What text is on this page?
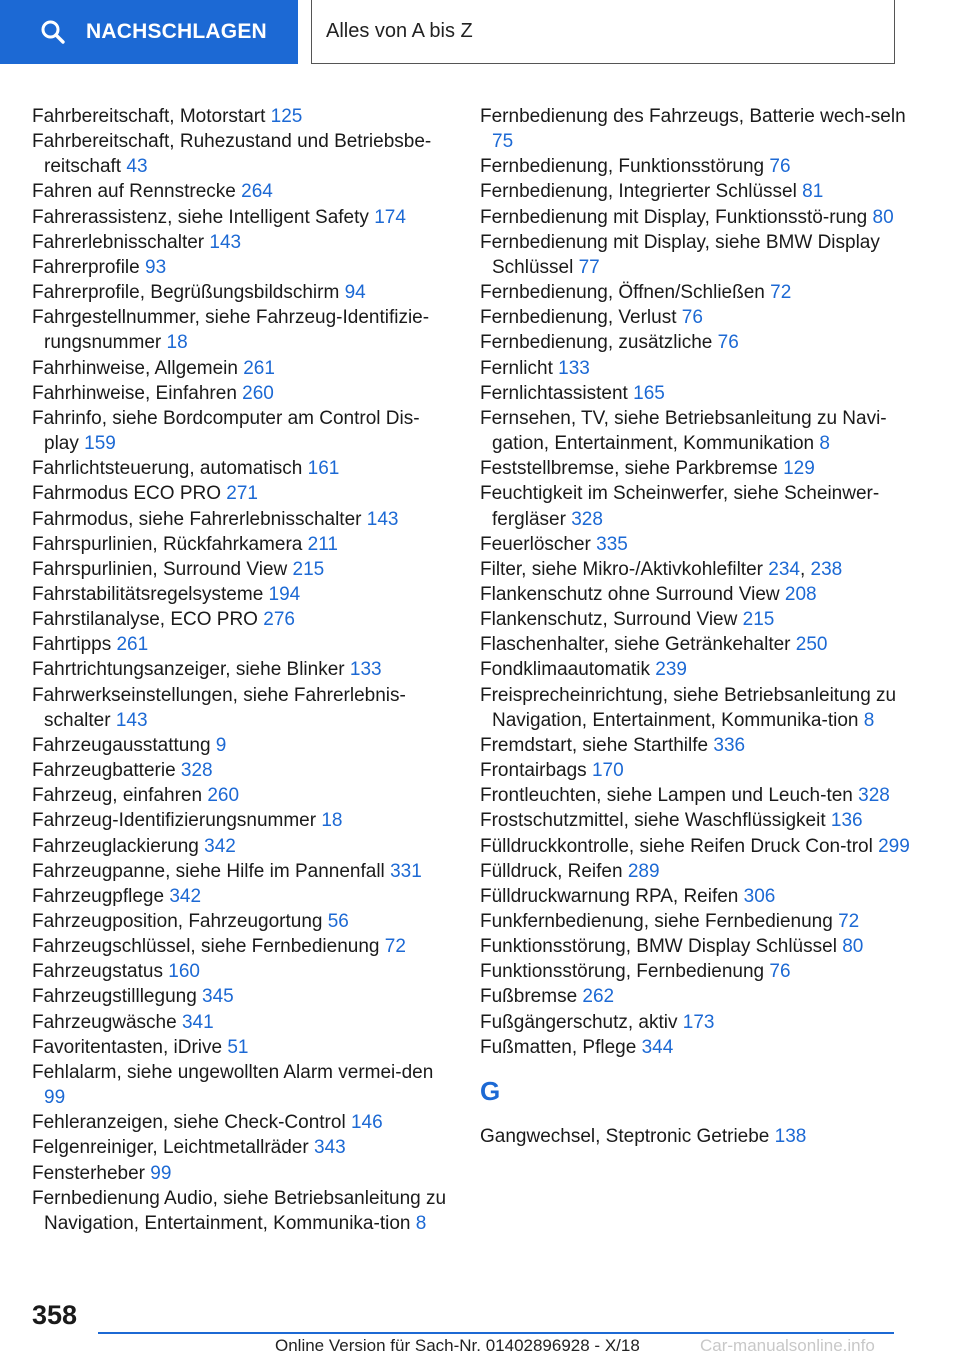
NACHSCHLAGEN	Alles von A bis Z
Fahrbereitschaft, Motorstart 125
Fahrbereitschaft, Ruhezustand und Betriebsbe-reitschaft 43
Fahren auf Rennstrecke 264
Fahrerassistenz, siehe Intelligent Safety 174
Fahrerlebnisschalter 143
Fahrerprofile 93
Fahrerprofile, Begrüßungsbildschirm 94
Fahrgestellnummer, siehe Fahrzeug-Identifizie-rungsnummer 18
Fahrhinweise, Allgemein 261
Fahrhinweise, Einfahren 260
Fahrinfo, siehe Bordcomputer am Control Dis-play 159
Fahrlichtsteuerung, automatisch 161
Fahrmodus ECO PRO 271
Fahrmodus, siehe Fahrerlebnisschalter 143
Fahrspurlinien, Rückfahrkamera 211
Fahrspurlinien, Surround View 215
Fahrstabilitätsregelsysteme 194
Fahrstilanalyse, ECO PRO 276
Fahrtipps 261
Fahrtrichtungsanzeiger, siehe Blinker 133
Fahrwerkseinstellungen, siehe Fahrerlebnis-schalter 143
Fahrzeugausstattung 9
Fahrzeugbatterie 328
Fahrzeug, einfahren 260
Fahrzeug-Identifizierungsnummer 18
Fahrzeuglackierung 342
Fahrzeugpanne, siehe Hilfe im Pannenfall 331
Fahrzeugpflege 342
Fahrzeugposition, Fahrzeugortung 56
Fahrzeugschlüssel, siehe Fernbedienung 72
Fahrzeugstatus 160
Fahrzeugstilllegung 345
Fahrzeugwäsche 341
Favoritentasten, iDrive 51
Fehlalarm, siehe ungewollten Alarm vermei-den 99
Fehleranzeigen, siehe Check-Control 146
Felgenreiniger, Leichtmetallräder 343
Fensterheber 99
Fernbedienung Audio, siehe Betriebsanleitung zu Navigation, Entertainment, Kommunika-tion 8
Fernbedienung des Fahrzeugs, Batterie wech-seln 75
Fernbedienung, Funktionsstörung 76
Fernbedienung, Integrierter Schlüssel 81
Fernbedienung mit Display, Funktionsstö-rung 80
Fernbedienung mit Display, siehe BMW Display Schlüssel 77
Fernbedienung, Öffnen/Schließen 72
Fernbedienung, Verlust 76
Fernbedienung, zusätzliche 76
Fernlicht 133
Fernlichtassistent 165
Fernsehen, TV, siehe Betriebsanleitung zu Navi-gation, Entertainment, Kommunikation 8
Feststellbremse, siehe Parkbremse 129
Feuchtigkeit im Scheinwerfer, siehe Scheinwer-fergläser 328
Feuerlöscher 335
Filter, siehe Mikro-/Aktivkohlefilter 234, 238
Flankenschutz ohne Surround View 208
Flankenschutz, Surround View 215
Flaschenhalter, siehe Getränkehalter 250
Fondklimaautomatik 239
Freisprecheinrichtung, siehe Betriebsanleitung zu Navigation, Entertainment, Kommunika-tion 8
Fremdstart, siehe Starthilfe 336
Frontairbags 170
Frontleuchten, siehe Lampen und Leuch-ten 328
Frostschutzmittel, siehe Waschflüssigkeit 136
Fülldruckkontrolle, siehe Reifen Druck Con-trol 299
Fülldruck, Reifen 289
Fülldruckwarnung RPA, Reifen 306
Funkfernbedienung, siehe Fernbedienung 72
Funktionsstörung, BMW Display Schlüssel 80
Funktionsstörung, Fernbedienung 76
Fußbremse 262
Fußgängerschutz, aktiv 173
Fußmatten, Pflege 344
G
Gangwechsel, Steptronic Getriebe 138
358
Online Version für Sach-Nr. 01402896928 - X/18	Car-manualsonline.info
